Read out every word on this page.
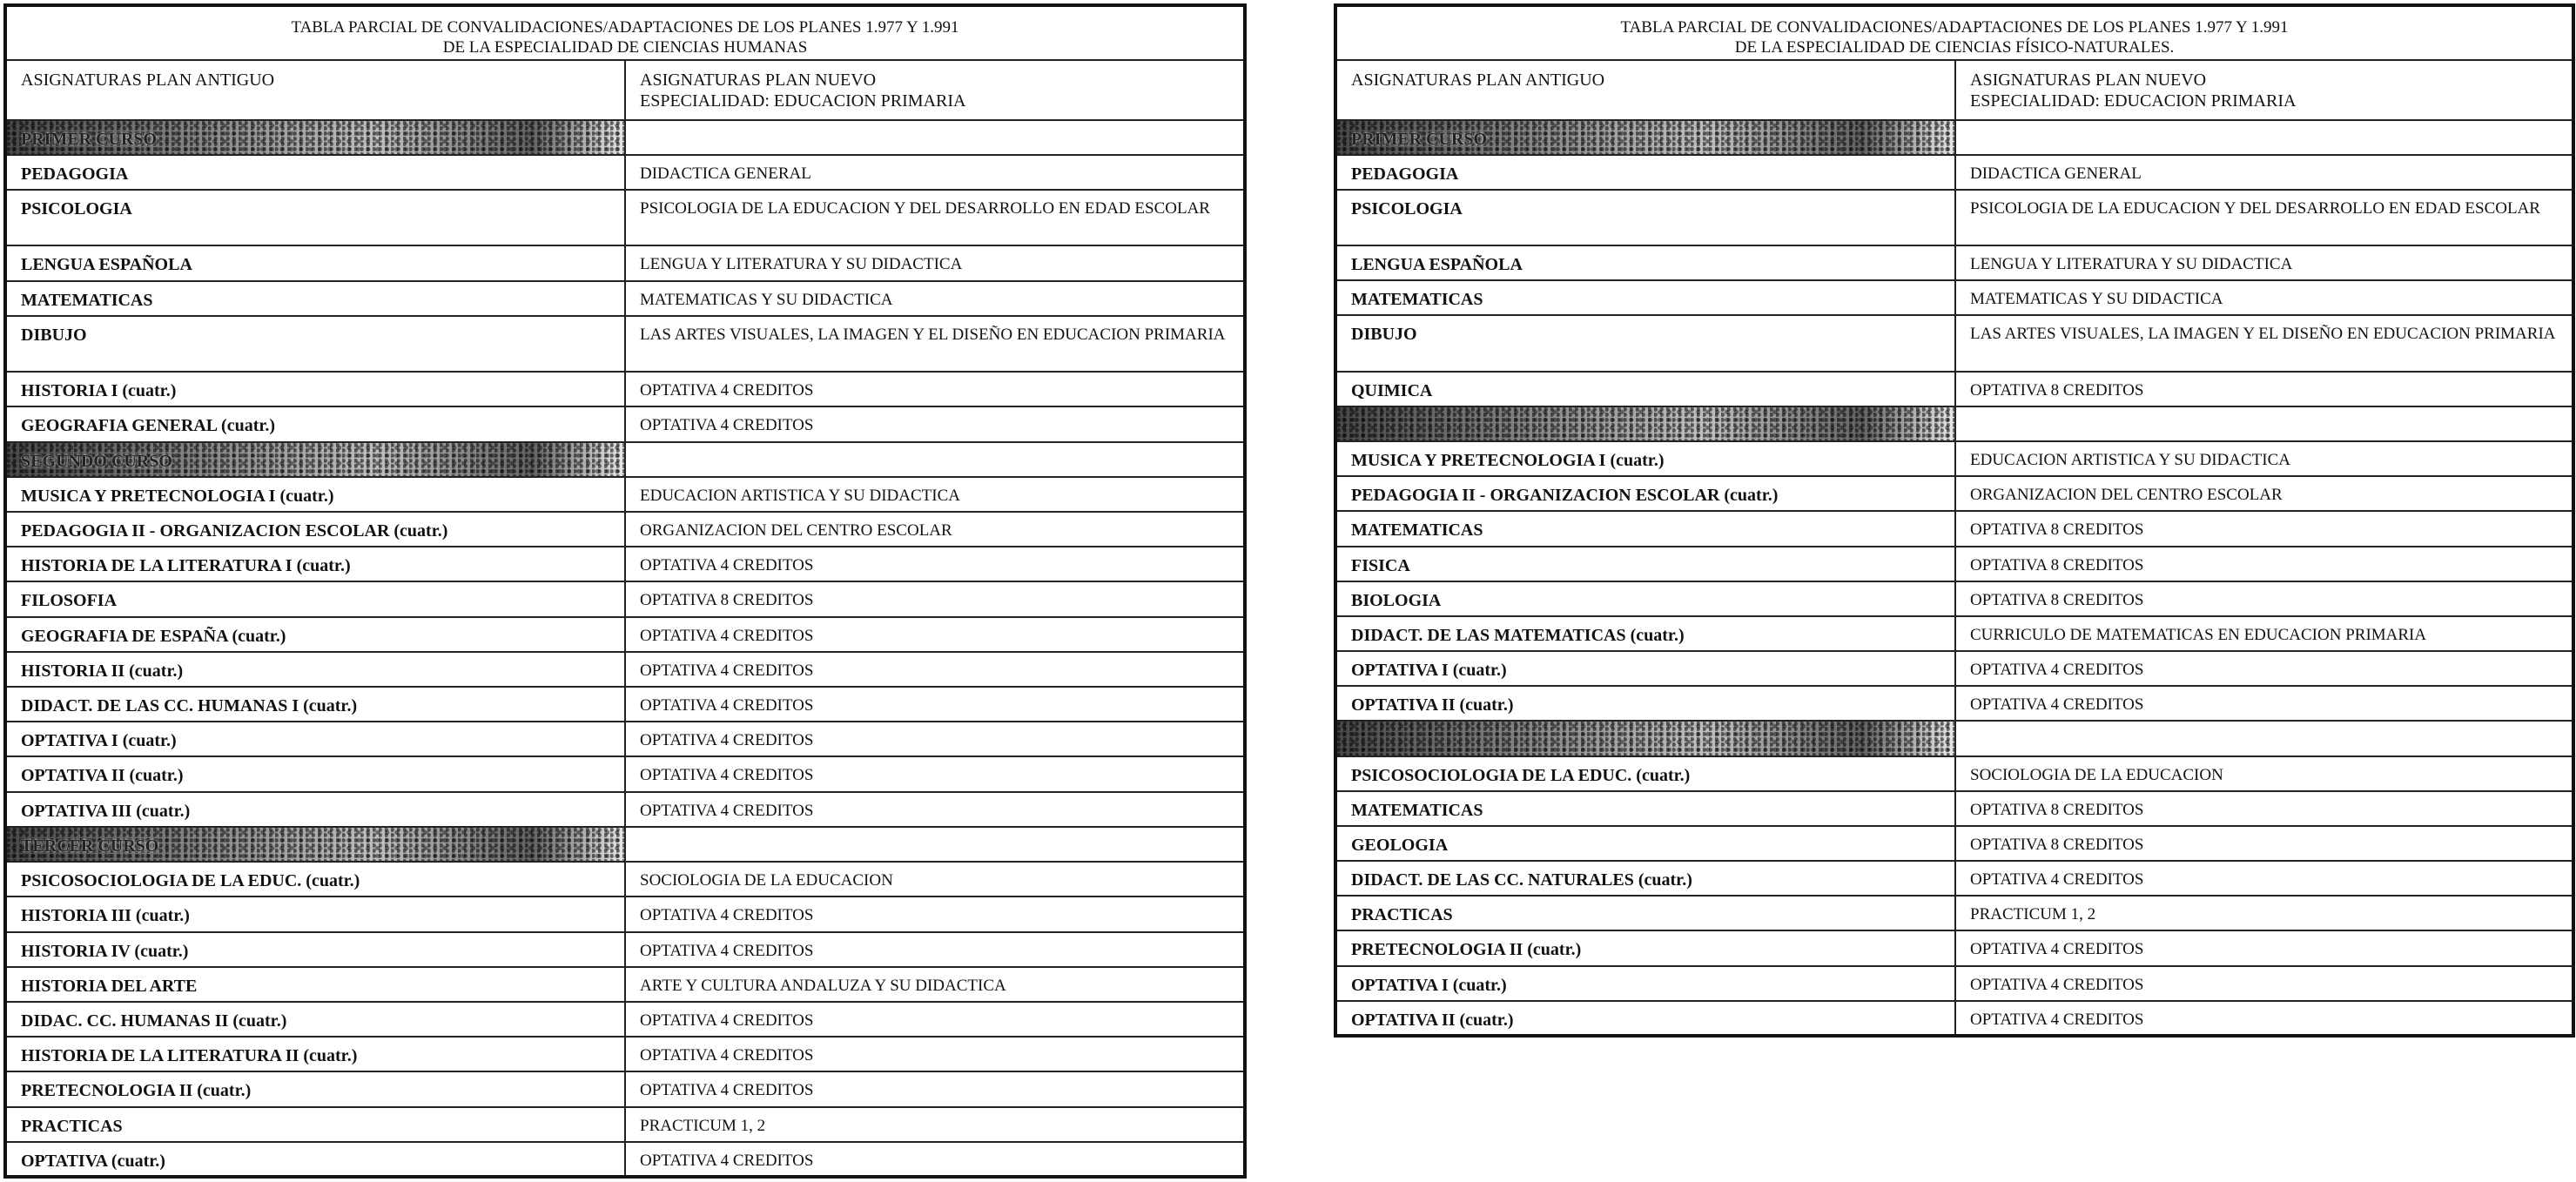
TABLA PARCIAL DE CONVALIDACIONES/ADAPTACIONES DE LOS PLANES 1.977 Y 1.991
DE LA ESPECIALIDAD DE CIENCIAS HUMANAS	

ASIGNATURAS PLAN ANTIGUO	ASIGNATURAS PLAN NUEVO
ESPECIALIDAD: EDUCACION PRIMARIA

PRIMER CURSO	
PEDAGOGIA	DIDACTICA GENERAL

PSICOLOGIA	PSICOLOGIA DE LA EDUCACION Y DEL DESARROLLO EN EDAD ESCOLAR

LENGUA ESPAÑOLA	LENGUA Y LITERATURA Y SU DIDACTICA

MATEMATICAS	MATEMATICAS Y SU DIDACTICA

DIBUJO	LAS ARTES VISUALES, LA IMAGEN Y EL DISEÑO EN EDUCACION PRIMARIA

HISTORIA I (cuatr.)	OPTATIVA 4 CREDITOS

GEOGRAFIA GENERAL (cuatr.)	OPTATIVA 4 CREDITOS

SEGUNDO CURSO	
MUSICA Y PRETECNOLOGIA I (cuatr.)	EDUCACION ARTISTICA Y SU DIDACTICA

PEDAGOGIA II - ORGANIZACION ESCOLAR (cuatr.)	ORGANIZACION DEL CENTRO ESCOLAR

HISTORIA DE LA LITERATURA I (cuatr.)	OPTATIVA 4 CREDITOS

FILOSOFIA	OPTATIVA 8 CREDITOS

GEOGRAFIA DE ESPAÑA (cuatr.)	OPTATIVA 4 CREDITOS

HISTORIA II (cuatr.)	OPTATIVA 4 CREDITOS

DIDACT. DE LAS CC. HUMANAS I (cuatr.)	OPTATIVA 4 CREDITOS

OPTATIVA I (cuatr.)	OPTATIVA 4 CREDITOS

OPTATIVA II (cuatr.)	OPTATIVA 4 CREDITOS

OPTATIVA III (cuatr.)	OPTATIVA 4 CREDITOS

TERCER CURSO	
PSICOSOCIOLOGIA DE LA EDUC. (cuatr.)	SOCIOLOGIA DE LA EDUCACION

HISTORIA III (cuatr.)	OPTATIVA 4 CREDITOS

HISTORIA IV (cuatr.)	OPTATIVA 4 CREDITOS

HISTORIA DEL ARTE	ARTE Y CULTURA ANDALUZA Y SU DIDACTICA

DIDAC. CC. HUMANAS II (cuatr.)	OPTATIVA 4 CREDITOS

HISTORIA DE LA LITERATURA II (cuatr.)	OPTATIVA 4 CREDITOS

PRETECNOLOGIA II (cuatr.)	OPTATIVA 4 CREDITOS

PRACTICAS	PRACTICUM 1, 2

OPTATIVA (cuatr.)	OPTATIVA 4 CREDITOS
TABLA PARCIAL DE CONVALIDACIONES/ADAPTACIONES DE LOS PLANES 1.977 Y 1.991
DE LA ESPECIALIDAD DE CIENCIAS FÍSICO-NATURALES.	

ASIGNATURAS PLAN ANTIGUO	ASIGNATURAS PLAN NUEVO
ESPECIALIDAD: EDUCACION PRIMARIA

PRIMER CURSO	
PEDAGOGIA	DIDACTICA GENERAL

PSICOLOGIA	PSICOLOGIA DE LA EDUCACION Y DEL DESARROLLO EN EDAD ESCOLAR

LENGUA ESPAÑOLA	LENGUA Y LITERATURA Y SU DIDACTICA

MATEMATICAS	MATEMATICAS Y SU DIDACTICA

DIBUJO	LAS ARTES VISUALES, LA IMAGEN Y EL DISEÑO EN EDUCACION PRIMARIA

QUIMICA	OPTATIVA 8 CREDITOS

MUSICA Y PRETECNOLOGIA I (cuatr.)	EDUCACION ARTISTICA Y SU DIDACTICA

PEDAGOGIA II - ORGANIZACION ESCOLAR (cuatr.)	ORGANIZACION DEL CENTRO ESCOLAR

MATEMATICAS	OPTATIVA 8 CREDITOS

FISICA	OPTATIVA 8 CREDITOS

BIOLOGIA	OPTATIVA 8 CREDITOS

DIDACT. DE LAS MATEMATICAS (cuatr.)	CURRICULO DE MATEMATICAS EN EDUCACION PRIMARIA

OPTATIVA I (cuatr.)	OPTATIVA 4 CREDITOS

OPTATIVA II (cuatr.)	OPTATIVA 4 CREDITOS

PSICOSOCIOLOGIA DE LA EDUC. (cuatr.)	SOCIOLOGIA DE LA EDUCACION

MATEMATICAS	OPTATIVA 8 CREDITOS

GEOLOGIA	OPTATIVA 8 CREDITOS

DIDACT. DE LAS CC. NATURALES (cuatr.)	OPTATIVA 4 CREDITOS

PRACTICAS	PRACTICUM 1, 2

PRETECNOLOGIA II (cuatr.)	OPTATIVA 4 CREDITOS

OPTATIVA I (cuatr.)	OPTATIVA 4 CREDITOS

OPTATIVA II (cuatr.)	OPTATIVA 4 CREDITOS
